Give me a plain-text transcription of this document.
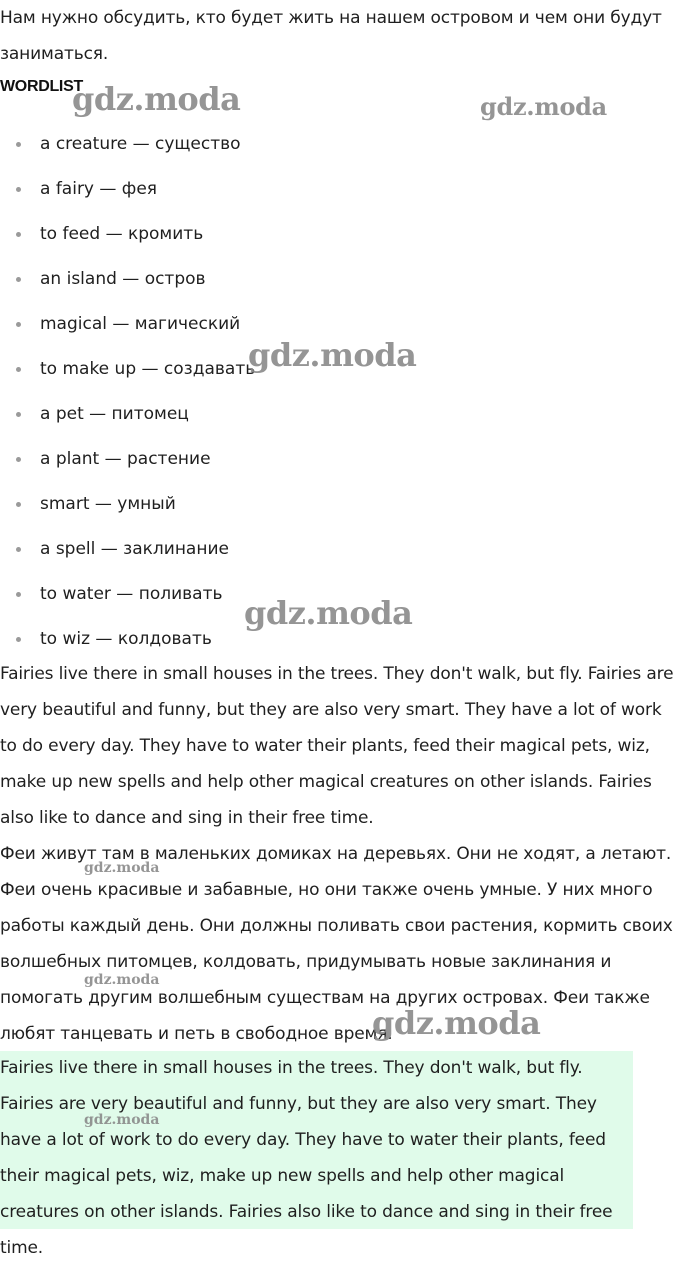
Нам нужно обсудить, кто будет жить на нашем островом и чем они будут заниматься.

WORDLIST
a creature — существо
a fairy — фея
to feed — кромить
an island — остров
magical — магический
to make up — создавать
a pet — питомец
a plant — растение
smart — умный
a spell — заклинание
to water — поливать
to wiz — колдовать

Fairies live there in small houses in the trees. They don't walk, but fly. Fairies are very beautiful and funny, but they are also very smart. They have a lot of work to do every day. They have to water their plants, feed their magical pets, wiz, make up new spells and help other magical creatures on other islands. Fairies also like to dance and sing in their free time.

Феи живут там в маленьких домиках на деревьях. Они не ходят, а летают. Феи очень красивые и забавные, но они также очень умные. У них много работы каждый день. Они должны поливать свои растения, кормить своих волшебных питомцев, колдовать, придумывать новые заклинания и помогать другим волшебным существам на других островах. Феи также любят танцевать и петь в свободное время.

Fairies live there in small houses in the trees. They don't walk, but fly. Fairies are very beautiful and funny, but they are also very smart. They have a lot of work to do every day. They have to water their plants, feed their magical pets, wiz, make up new spells and help other magical creatures on other islands. Fairies also like to dance and sing in their free time.

gdz.moda	gdz.moda
gdz.moda
gdz.moda
gdz.moda
gdz.moda
gdz.moda
gdz.moda
